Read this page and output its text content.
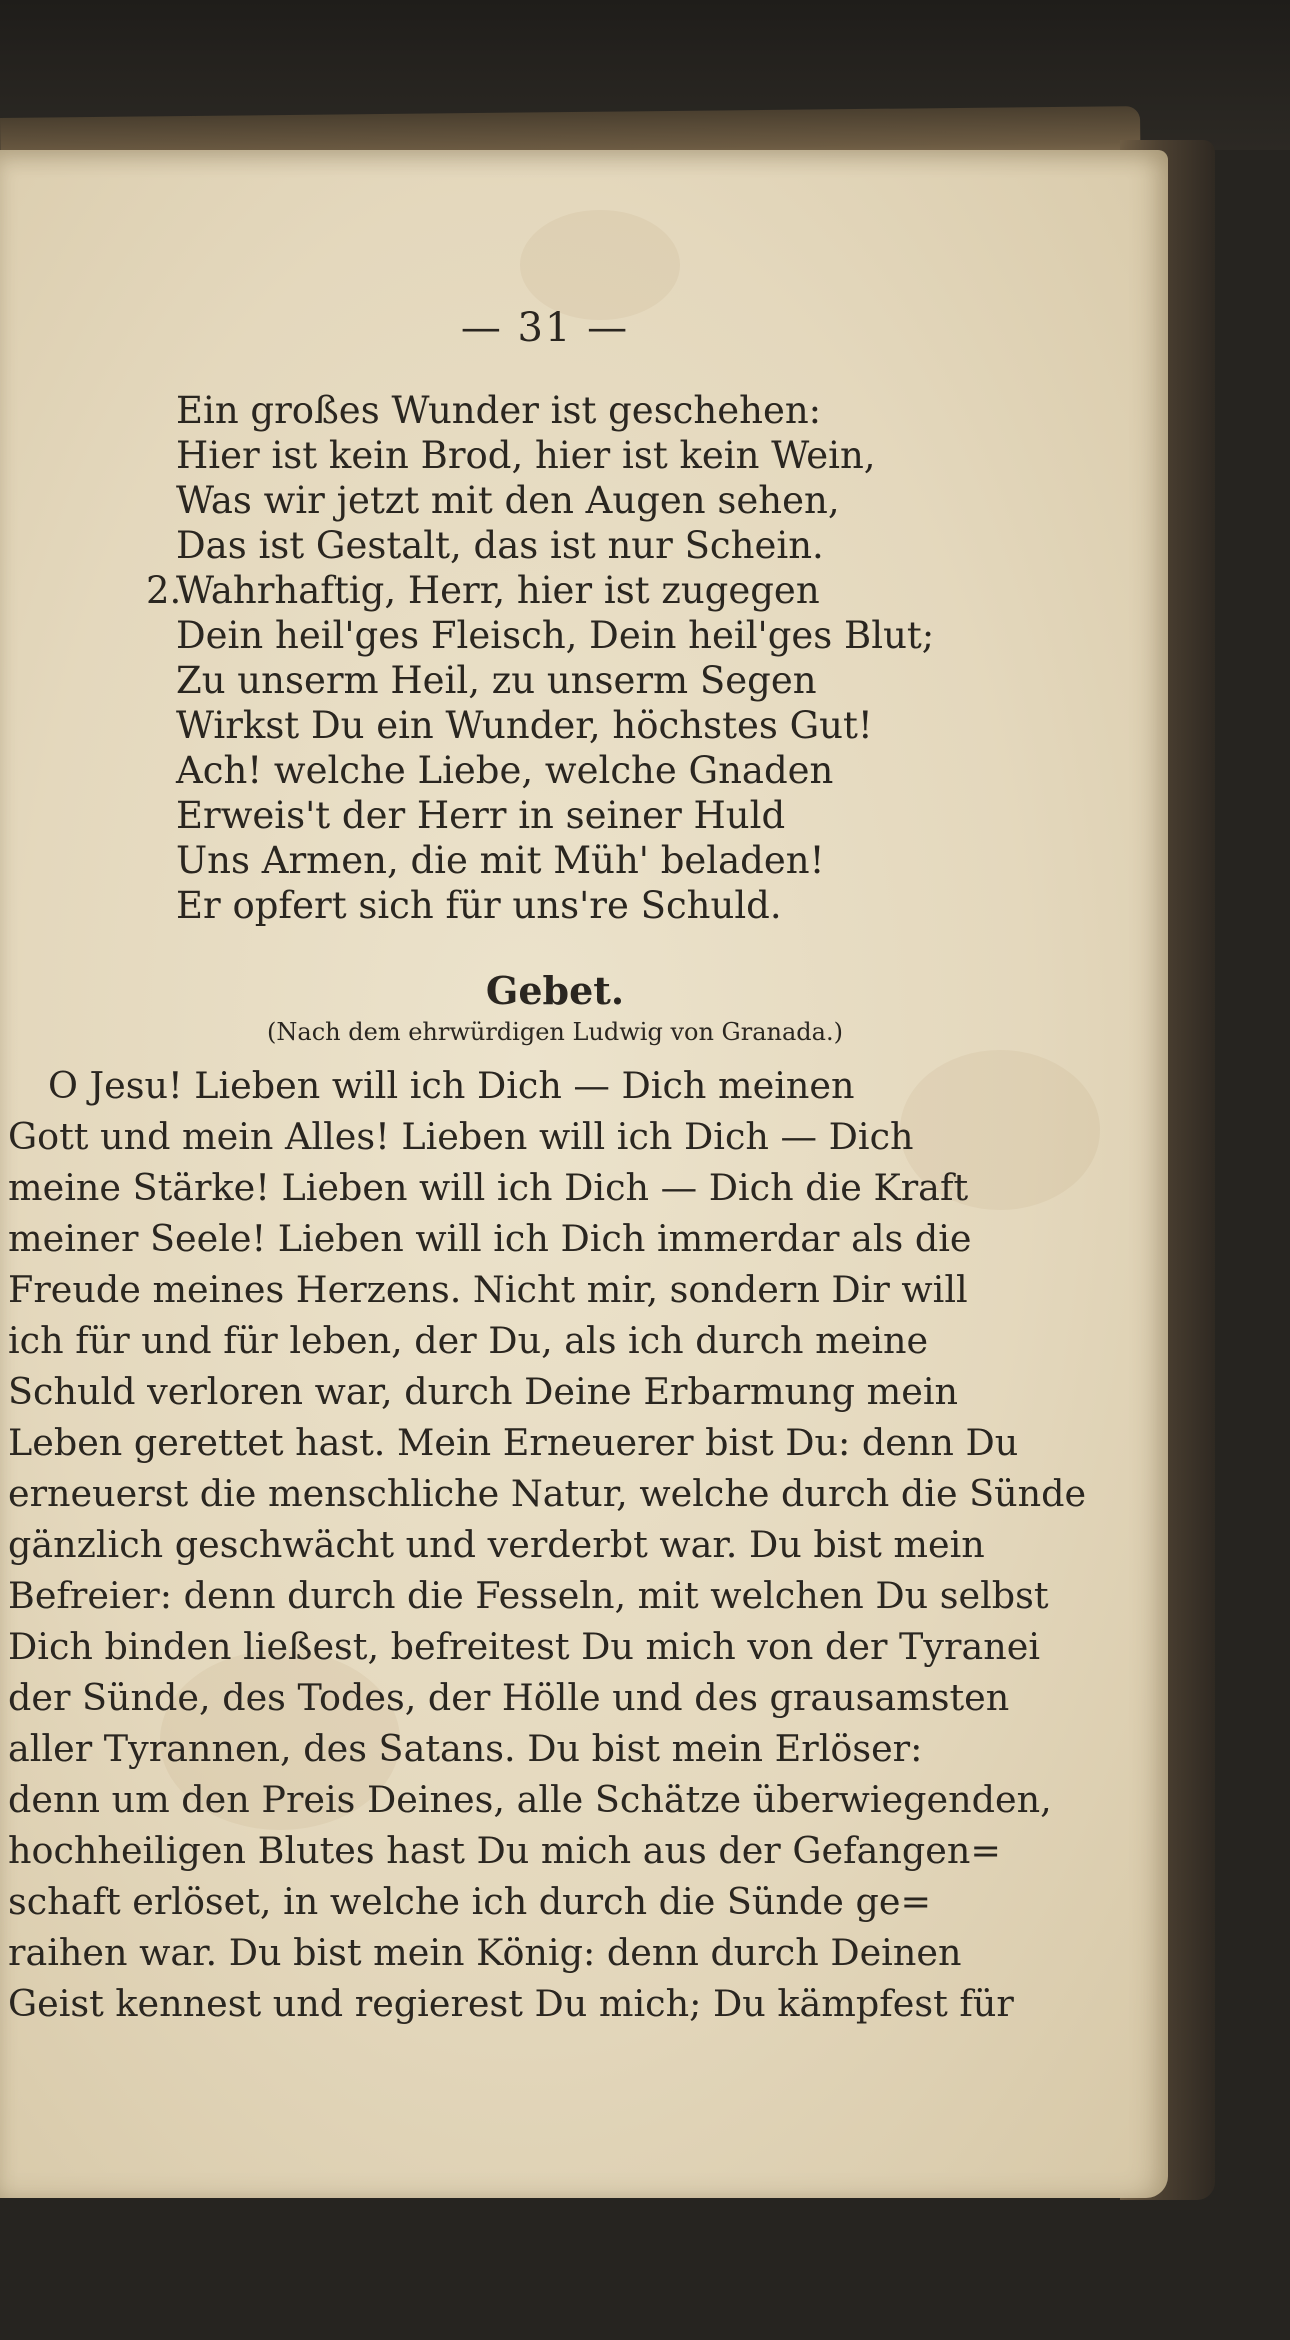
— 31 —
Ein großes Wunder ist geschehen:
Hier ist kein Brod, hier ist kein Wein,
Was wir jetzt mit den Augen sehen,
Das ist Gestalt, das ist nur Schein.
2.Wahrhaftig, Herr, hier ist zugegen
Dein heil'ges Fleisch, Dein heil'ges Blut;
Zu unserm Heil, zu unserm Segen
Wirkst Du ein Wunder, höchstes Gut!
Ach! welche Liebe, welche Gnaden
Erweis't der Herr in seiner Huld
Uns Armen, die mit Müh' beladen!
Er opfert sich für uns're Schuld.
Gebet.
(Nach dem ehrwürdigen Ludwig von Granada.)
O Jesu! Lieben will ich Dich — Dich meinen
Gott und mein Alles! Lieben will ich Dich — Dich
meine Stärke! Lieben will ich Dich — Dich die Kraft
meiner Seele! Lieben will ich Dich immerdar als die
Freude meines Herzens. Nicht mir, sondern Dir will
ich für und für leben, der Du, als ich durch meine
Schuld verloren war, durch Deine Erbarmung mein
Leben gerettet hast. Mein Erneuerer bist Du: denn Du
erneuerst die menschliche Natur, welche durch die Sünde
gänzlich geschwächt und verderbt war. Du bist mein
Befreier: denn durch die Fesseln, mit welchen Du selbst
Dich binden ließest, befreitest Du mich von der Tyranei
der Sünde, des Todes, der Hölle und des grausamsten
aller Tyrannen, des Satans. Du bist mein Erlöser:
denn um den Preis Deines, alle Schätze überwiegenden,
hochheiligen Blutes hast Du mich aus der Gefangen=
schaft erlöset, in welche ich durch die Sünde ge=
raihen war. Du bist mein König: denn durch Deinen
Geist kennest und regierest Du mich; Du kämpfest für
